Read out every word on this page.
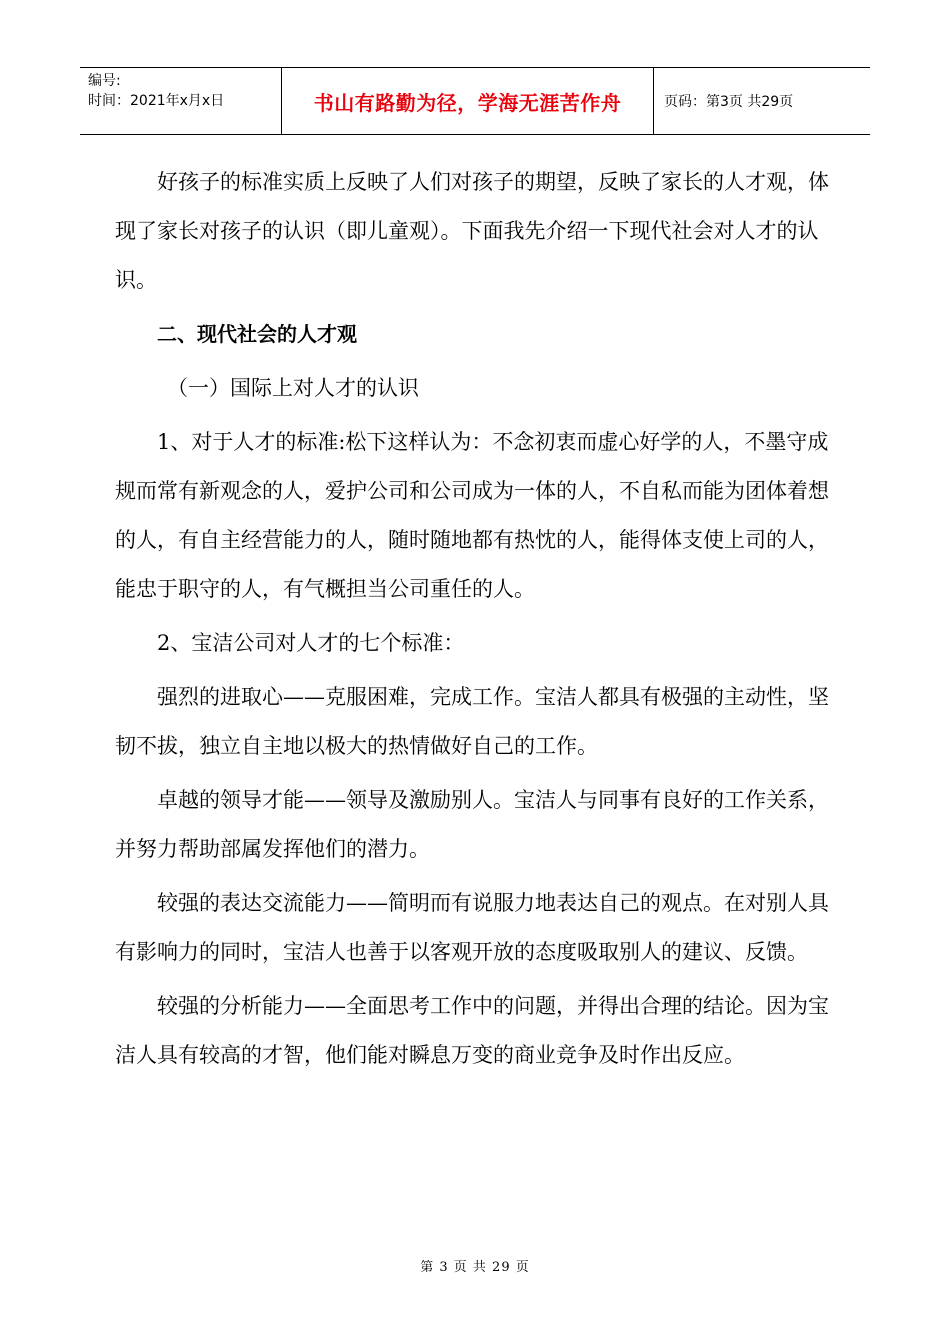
编号:
时间：2021年x月x日	书山有路勤为径，学海无涯苦作舟	页码：第3页 共29页

好孩子的标准实质上反映了人们对孩子的期望，反映了家长的人才观，体现了家长对孩子的认识（即儿童观）。下面我先介绍一下现代社会对人才的认识。

二、现代社会的人才观

（一）国际上对人才的认识

1、对于人才的标准:松下这样认为：不念初衷而虚心好学的人，不墨守成规而常有新观念的人，爱护公司和公司成为一体的人，不自私而能为团体着想的人，有自主经营能力的人，随时随地都有热忱的人，能得体支使上司的人，能忠于职守的人，有气概担当公司重任的人。

2、宝洁公司对人才的七个标准：

强烈的进取心——克服困难，完成工作。宝洁人都具有极强的主动性，坚韧不拔，独立自主地以极大的热情做好自己的工作。

卓越的领导才能——领导及激励别人。宝洁人与同事有良好的工作关系，并努力帮助部属发挥他们的潜力。

较强的表达交流能力——简明而有说服力地表达自己的观点。在对别人具有影响力的同时，宝洁人也善于以客观开放的态度吸取别人的建议、反馈。

较强的分析能力——全面思考工作中的问题，并得出合理的结论。因为宝洁人具有较高的才智，他们能对瞬息万变的商业竞争及时作出反应。

第 3 页 共 29 页
